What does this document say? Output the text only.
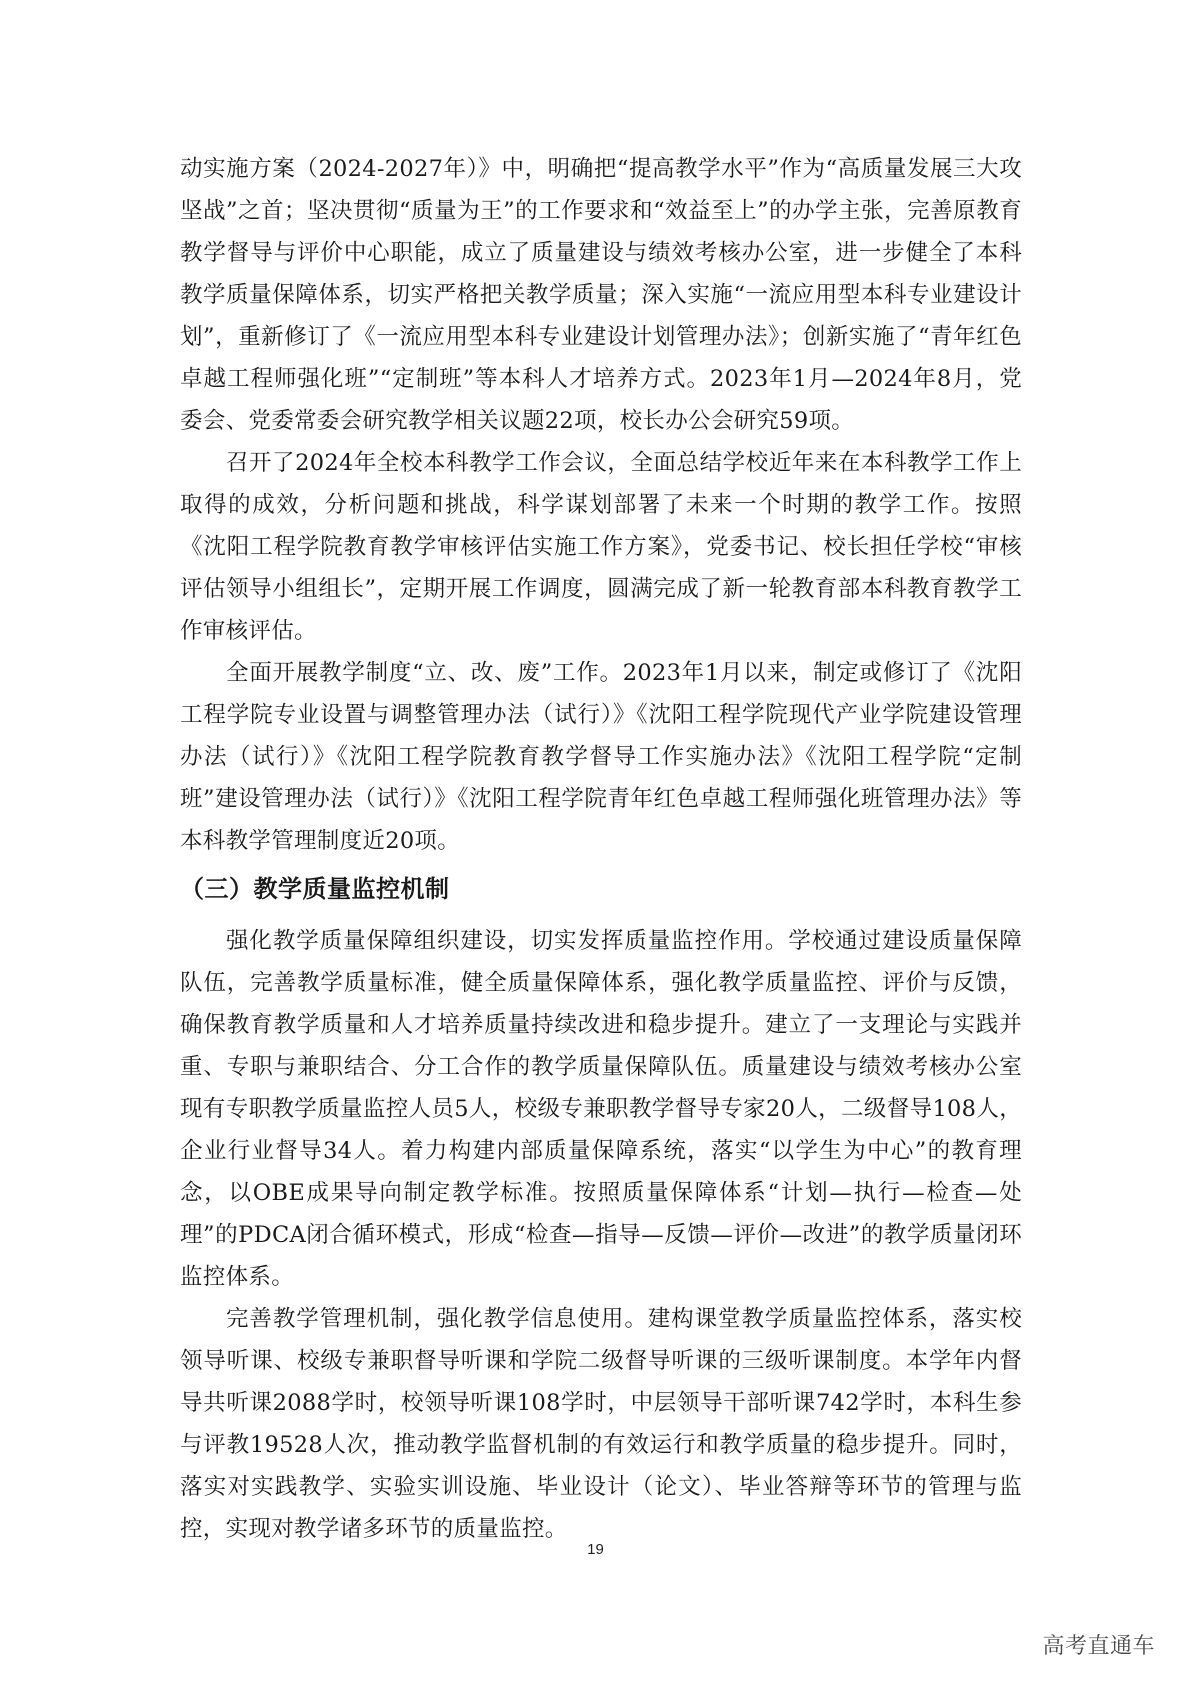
动实施方案（2024-2027年）》中，明确把“提高教学水平”作为“高质量发展三大攻坚战”之首；坚决贯彻“质量为王”的工作要求和“效益至上”的办学主张，完善原教育教学督导与评价中心职能，成立了质量建设与绩效考核办公室，进一步健全了本科教学质量保障体系，切实严格把关教学质量；深入实施“一流应用型本科专业建设计划”，重新修订了《一流应用型本科专业建设计划管理办法》；创新实施了“青年红色卓越工程师强化班”“定制班”等本科人才培养方式。2023年1月—2024年8月，党委会、党委常委会研究教学相关议题22项，校长办公会研究59项。

召开了2024年全校本科教学工作会议，全面总结学校近年来在本科教学工作上取得的成效，分析问题和挑战，科学谋划部署了未来一个时期的教学工作。按照《沈阳工程学院教育教学审核评估实施工作方案》，党委书记、校长担任学校“审核评估领导小组组长”，定期开展工作调度，圆满完成了新一轮教育部本科教育教学工作审核评估。

全面开展教学制度“立、改、废”工作。2023年1月以来，制定或修订了《沈阳工程学院专业设置与调整管理办法（试行）》《沈阳工程学院现代产业学院建设管理办法（试行）》《沈阳工程学院教育教学督导工作实施办法》《沈阳工程学院“定制班”建设管理办法（试行）》《沈阳工程学院青年红色卓越工程师强化班管理办法》等本科教学管理制度近20项。

（三）教学质量监控机制

强化教学质量保障组织建设，切实发挥质量监控作用。学校通过建设质量保障队伍，完善教学质量标准，健全质量保障体系，强化教学质量监控、评价与反馈，确保教育教学质量和人才培养质量持续改进和稳步提升。建立了一支理论与实践并重、专职与兼职结合、分工合作的教学质量保障队伍。质量建设与绩效考核办公室现有专职教学质量监控人员5人，校级专兼职教学督导专家20人，二级督导108人，企业行业督导34人。着力构建内部质量保障系统，落实“以学生为中心”的教育理念，以OBE成果导向制定教学标准。按照质量保障体系“计划—执行—检查—处理”的PDCA闭合循环模式，形成“检查—指导—反馈—评价—改进”的教学质量闭环监控体系。

完善教学管理机制，强化教学信息使用。建构课堂教学质量监控体系，落实校领导听课、校级专兼职督导听课和学院二级督导听课的三级听课制度。本学年内督导共听课2088学时，校领导听课108学时，中层领导干部听课742学时，本科生参与评教19528人次，推动教学监督机制的有效运行和教学质量的稳步提升。同时，落实对实践教学、实验实训设施、毕业设计（论文）、毕业答辩等环节的管理与监控，实现对教学诸多环节的质量监控。

19
高考直通车
